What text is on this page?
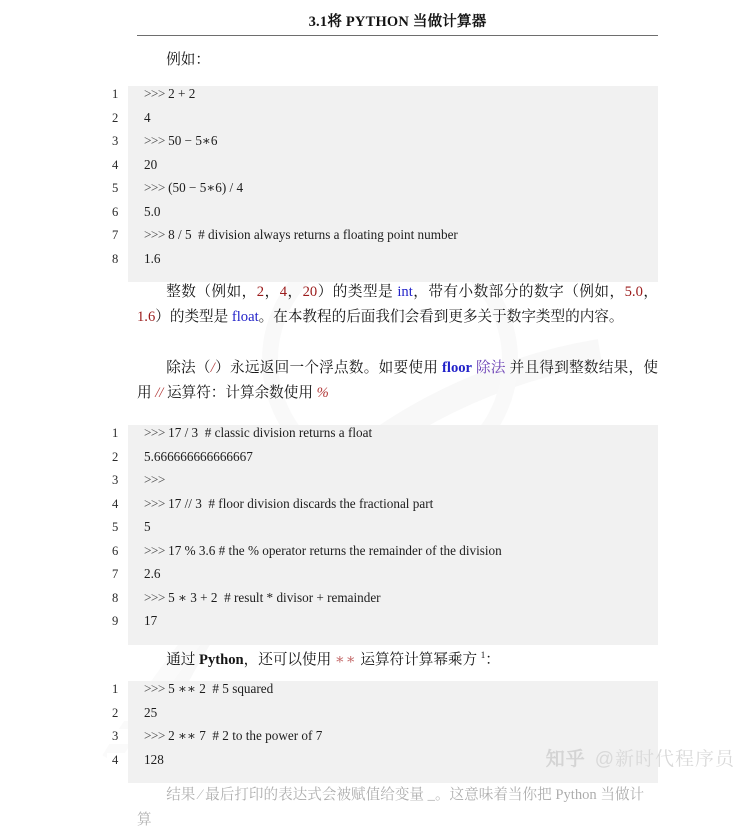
3.1将 PYTHON 当做计算器
例如：
1	>>> 2 + 2
2	4
3	>>> 50 − 5∗6
4	20
5	>>> (50 − 5∗6) / 4
6	5.0
7	>>> 8 / 5  # division always returns a floating point number
8	1.6
整数（例如，2，4，20）的类型是 int，带有小数部分的数字（例如，5.0，1.6）的类型是 float。在本教程的后面我们会看到更多关于数字类型的内容。
除法（/）永远返回一个浮点数。如要使用 floor 除法 并且得到整数结果，使用 // 运算符：计算余数使用 %
1	>>> 17 / 3  # classic division returns a float
2	5.666666666666667
3	>>>
4	>>> 17 // 3  # floor division discards the fractional part
5	5
6	>>> 17 % 3.6 # the % operator returns the remainder of the division
7	2.6
8	>>> 5 ∗ 3 + 2  # result * divisor + remainder
9	17
通过 Python，还可以使用 ∗∗ 运算符计算幂乘方 $^1$：
1	>>> 5 ∗∗ 2  # 5 squared
2	25
3	>>> 2 ∗∗ 7  # 2 to the power of 7
4	128
结果 ⁄ 最后打印的表达式会被赋值给变量 _。这意味着当你把 Python 当做计算
知乎 @新时代程序员
